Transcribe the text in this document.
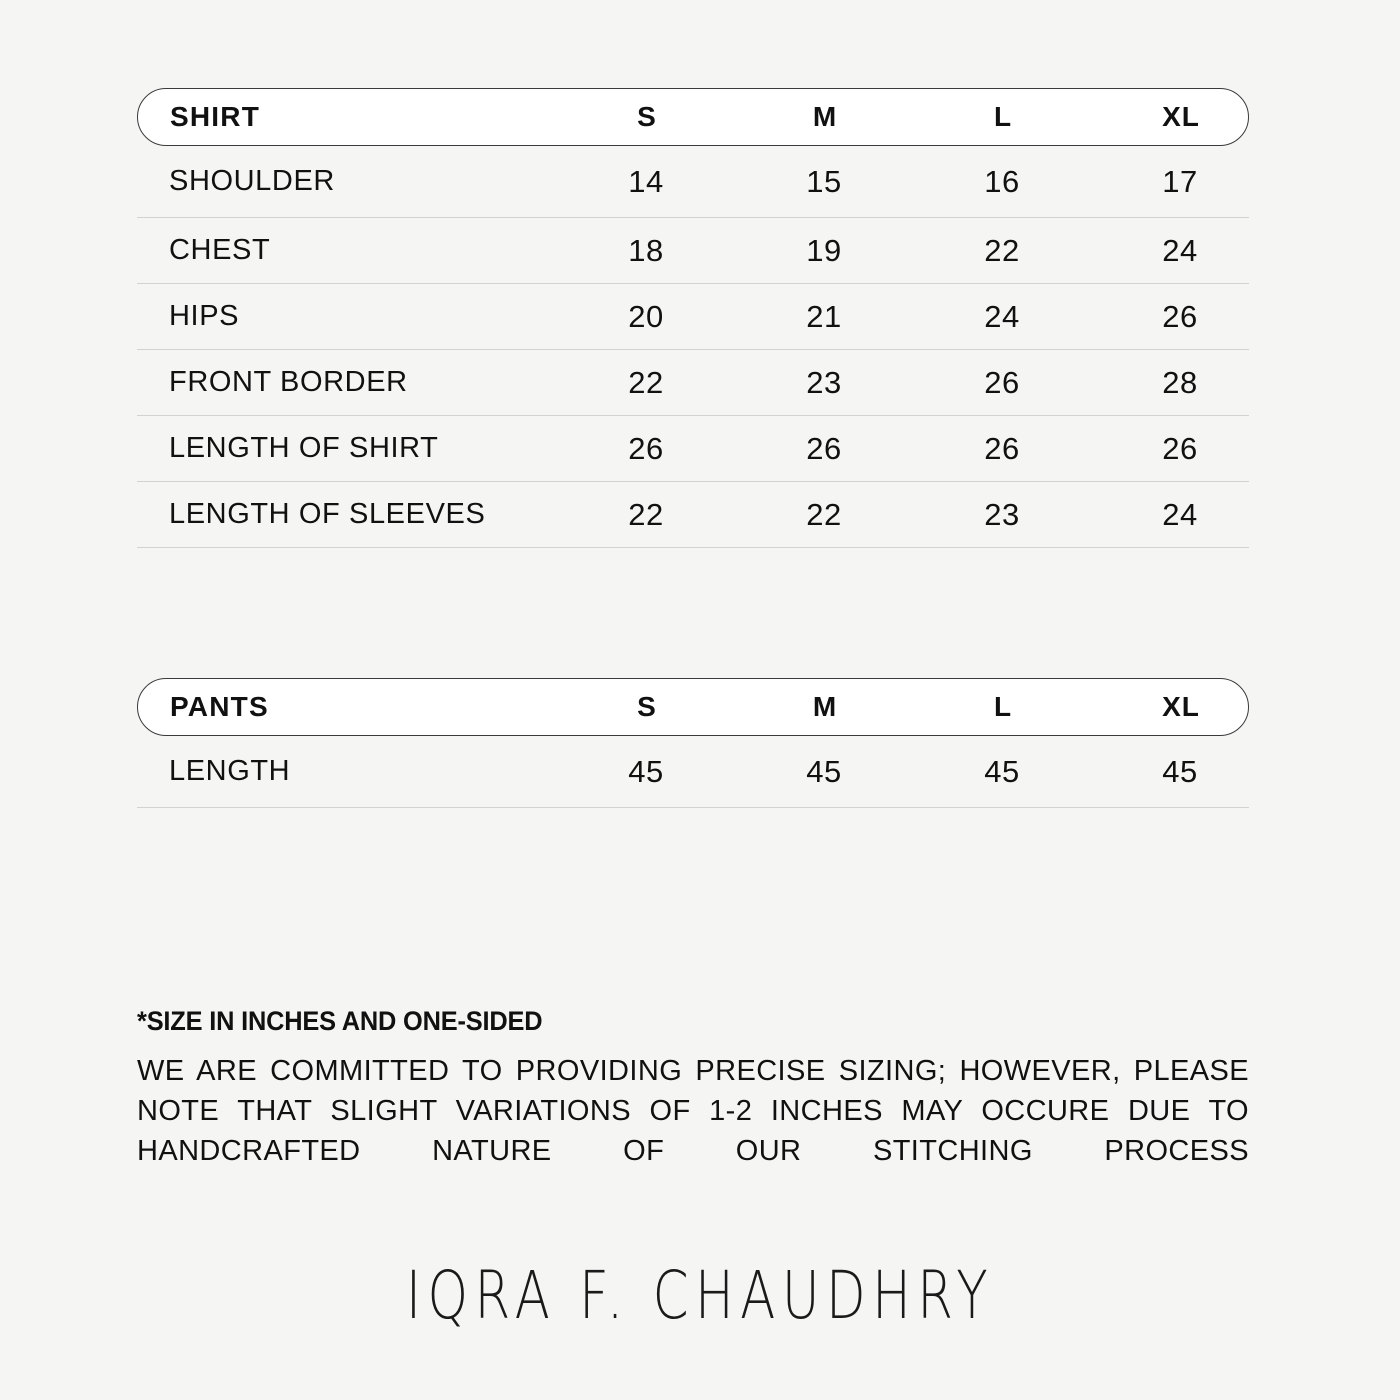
SHIRT	S	M	L	XL
SHOULDER	14	15	16	17
CHEST	18	19	22	24
HIPS	20	21	24	26
FRONT BORDER	22	23	26	28
LENGTH OF SHIRT	26	26	26	26
LENGTH OF SLEEVES	22	22	23	24
PANTS	S	M	L	XL
LENGTH	45	45	45	45

*SIZE IN INCHES AND ONE-SIDED

WE ARE COMMITTED TO PROVIDING PRECISE SIZING; HOWEVER, PLEASE NOTE THAT SLIGHT VARIATIONS OF 1-2 INCHES MAY OCCURE DUE TO HANDCRAFTED NATURE OF OUR STITCHING PROCESS

IQRA F. CHAUDHRY
